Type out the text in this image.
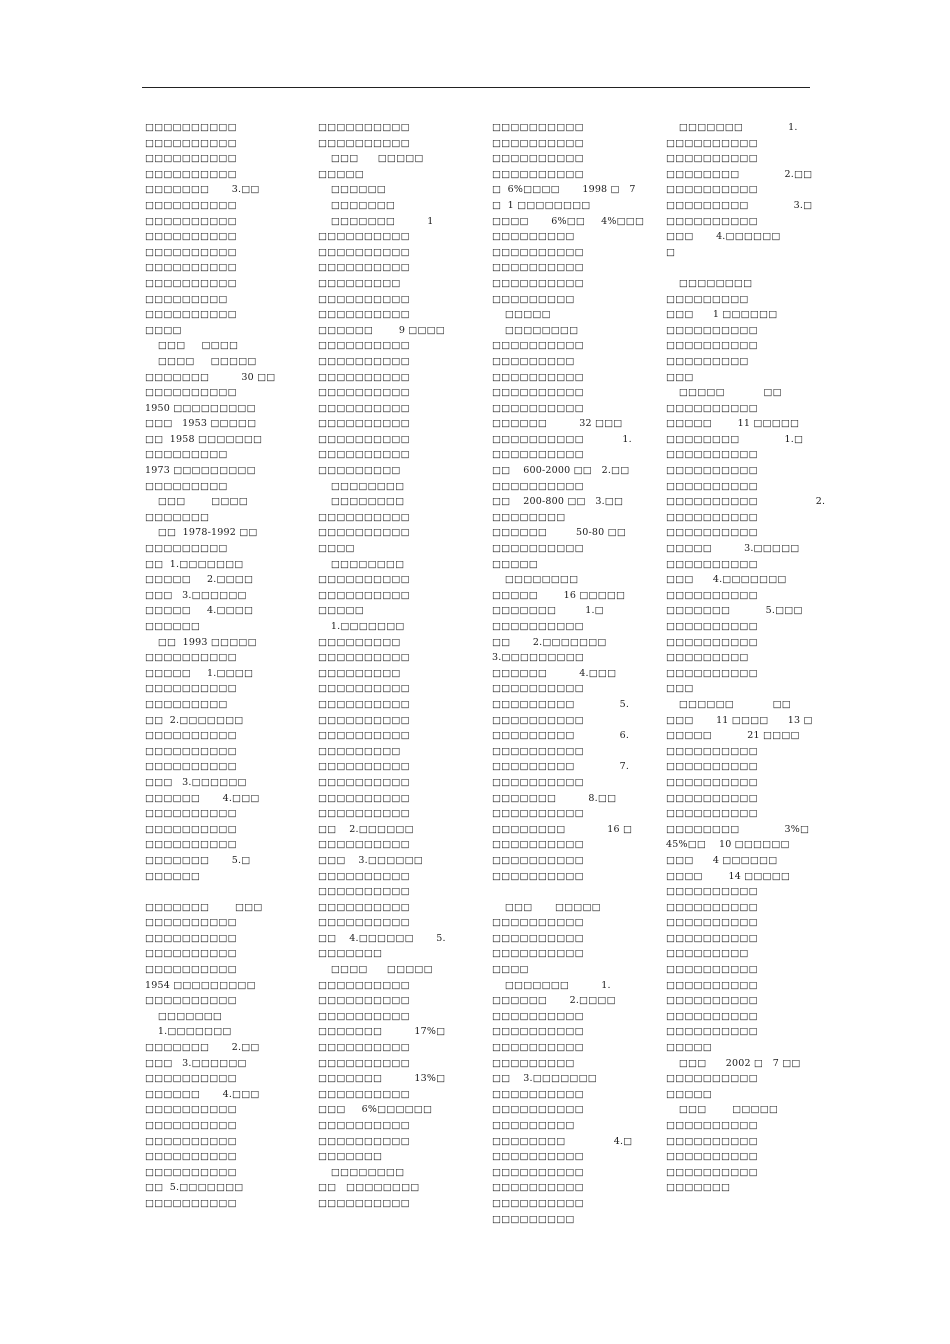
□□□□□□□□□□
□□□□□□□□□□
□□□□□□□□□□
□□□□□□□□□□
□□□□□□□       3.□□
□□□□□□□□□□
□□□□□□□□□□
□□□□□□□□□□
□□□□□□□□□□
□□□□□□□□□□
□□□□□□□□□□
□□□□□□□□□
□□□□□□□□□□
□□□□
□□□     □□□□
□□□□     □□□□□
□□□□□□□          30 □□
□□□□□□□□□□
1950 □□□□□□□□□
□□□   1953 □□□□□
□□  1958 □□□□□□□
□□□□□□□□□
1973 □□□□□□□□□
□□□□□□□□□
□□□        □□□□
□□□□□□□
□□  1978-1992 □□
□□□□□□□□□
□□  1.□□□□□□□
□□□□□     2.□□□□
□□□   3.□□□□□□
□□□□□     4.□□□□
□□□□□□
□□  1993 □□□□□
□□□□□□□□□□
□□□□□     1.□□□□
□□□□□□□□□□
□□□□□□□□□
□□  2.□□□□□□□
□□□□□□□□□□
□□□□□□□□□□
□□□□□□□□□□
□□□   3.□□□□□□
□□□□□□       4.□□□
□□□□□□□□□□
□□□□□□□□□□
□□□□□□□□□□
□□□□□□□       5.□
□□□□□□
□□□□□□□        □□□
□□□□□□□□□□
□□□□□□□□□□
□□□□□□□□□□
□□□□□□□□□□
1954 □□□□□□□□□
□□□□□□□□□□
□□□□□□□
1.□□□□□□□
□□□□□□□       2.□□
□□□   3.□□□□□□
□□□□□□□□□□
□□□□□□       4.□□□
□□□□□□□□□□
□□□□□□□□□□
□□□□□□□□□□
□□□□□□□□□□
□□□□□□□□□□
□□  5.□□□□□□□
□□□□□□□□□□
□□□□□□□□□□
□□□□□□□□□□
□□□      □□□□□
□□□□□
□□□□□□
□□□□□□□
□□□□□□□          1
□□□□□□□□□□
□□□□□□□□□□
□□□□□□□□□□
□□□□□□□□□
□□□□□□□□□□
□□□□□□□□□□
□□□□□□        9 □□□□
□□□□□□□□□□
□□□□□□□□□□
□□□□□□□□□□
□□□□□□□□□□
□□□□□□□□□□
□□□□□□□□□□
□□□□□□□□□□
□□□□□□□□□□
□□□□□□□□□
□□□□□□□□
□□□□□□□□
□□□□□□□□□□
□□□□□□□□□□
□□□□
□□□□□□□□
□□□□□□□□□□
□□□□□□□□□□
□□□□□
1.□□□□□□□
□□□□□□□□□
□□□□□□□□□□
□□□□□□□□□
□□□□□□□□□□
□□□□□□□□□□
□□□□□□□□□□
□□□□□□□□□□
□□□□□□□□□
□□□□□□□□□□
□□□□□□□□□□
□□□□□□□□□□
□□□□□□□□□□
□□    2.□□□□□□
□□□□□□□□□□
□□□    3.□□□□□□
□□□□□□□□□□
□□□□□□□□□□
□□□□□□□□□□
□□□□□□□□□□
□□    4.□□□□□□       5.
□□□□□□□
□□□□      □□□□□
□□□□□□□□□□
□□□□□□□□□□
□□□□□□□□□□
□□□□□□□          17%□
□□□□□□□□□□
□□□□□□□□□□
□□□□□□□          13%□
□□□□□□□□□□
□□□     6%□□□□□□
□□□□□□□□□□
□□□□□□□□□□
□□□□□□□
□□□□□□□□
□□   □□□□□□□□
□□□□□□□□□□
□□□□□□□□□□
□□□□□□□□□□
□□□□□□□□□□
□□□□□□□□□□
□  6%□□□□       1998 □   7
□  1 □□□□□□□□
□□□□       6%□□     4%□□□
□□□□□□□□□
□□□□□□□□□□
□□□□□□□□□□
□□□□□□□□□□
□□□□□□□□□
□□□□□
□□□□□□□□
□□□□□□□□□□
□□□□□□□□□
□□□□□□□□□□
□□□□□□□□□□
□□□□□□□□□□
□□□□□□          32 □□□
□□□□□□□□□□            1.
□□□□□□□□□□
□□    600-2000 □□   2.□□
□□□□□□□□□□
□□    200-800 □□   3.□□
□□□□□□□□
□□□□□□         50-80 □□
□□□□□□□□□□
□□□□□
□□□□□□□□
□□□□□        16 □□□□□
□□□□□□□         1.□
□□□□□□□□□□
□□       2.□□□□□□□
3.□□□□□□□□□
□□□□□□          4.□□□
□□□□□□□□□□
□□□□□□□□□              5.
□□□□□□□□□□
□□□□□□□□□              6.
□□□□□□□□□□
□□□□□□□□□              7.
□□□□□□□□□□
□□□□□□□          8.□□
□□□□□□□□□□
□□□□□□□□             16 □
□□□□□□□□□□
□□□□□□□□□□
□□□□□□□□□□
□□□       □□□□□
□□□□□□□□□□
□□□□□□□□□□
□□□□□□□□□□
□□□□
□□□□□□□          1.
□□□□□□       2.□□□□
□□□□□□□□□□
□□□□□□□□□□
□□□□□□□□□□
□□□□□□□□□
□□    3.□□□□□□□
□□□□□□□□□□
□□□□□□□□□□
□□□□□□□□□
□□□□□□□□               4.□
□□□□□□□□□□
□□□□□□□□□□
□□□□□□□□□□
□□□□□□□□□□
□□□□□□□□□
□□□□□□□              1.
□□□□□□□□□□
□□□□□□□□□□
□□□□□□□□              2.□□
□□□□□□□□□□
□□□□□□□□□              3.□
□□□□□□□□□□
□□□       4.□□□□□□
□
□□□□□□□□
□□□□□□□□□
□□□      1 □□□□□□
□□□□□□□□□□
□□□□□□□□□□
□□□□□□□□□
□□□
□□□□□            □□
□□□□□□□□□□
□□□□□        11 □□□□□
□□□□□□□□              1.□
□□□□□□□□□□
□□□□□□□□□□
□□□□□□□□□□
□□□□□□□□□□                  2.
□□□□□□□□□□
□□□□□□□□□□
□□□□□          3.□□□□□
□□□□□□□□□□
□□□      4.□□□□□□□
□□□□□□□□□□
□□□□□□□           5.□□□
□□□□□□□□□□
□□□□□□□□□□
□□□□□□□□□
□□□□□□□□□□
□□□
□□□□□□            □□
□□□       11 □□□□      13 □
□□□□□           21 □□□□
□□□□□□□□□□
□□□□□□□□□□
□□□□□□□□□□
□□□□□□□□□□
□□□□□□□□□□
□□□□□□□□              3%□
45%□□    10 □□□□□□
□□□      4 □□□□□□
□□□□        14 □□□□□
□□□□□□□□□□
□□□□□□□□□□
□□□□□□□□□□
□□□□□□□□□□
□□□□□□□□□
□□□□□□□□□□
□□□□□□□□□□
□□□□□□□□□□
□□□□□□□□□□
□□□□□□□□□□
□□□□□
□□□      2002 □   7 □□
□□□□□□□□□□
□□□□□
□□□        □□□□□
□□□□□□□□□□
□□□□□□□□□□
□□□□□□□□□□
□□□□□□□□□□
□□□□□□□
